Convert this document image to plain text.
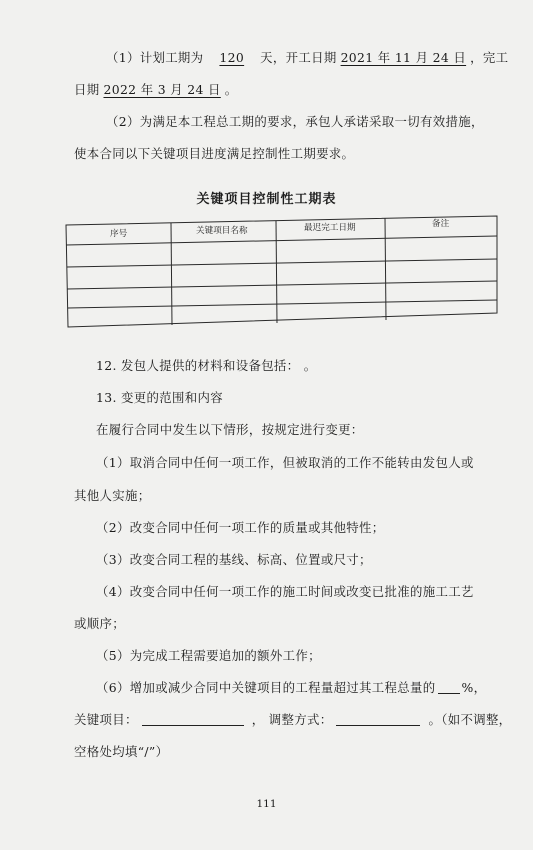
（1）计划工期为 120 天，开工日期 2021 年 11 月 24 日 ，完工
日期 2022 年 3 月 24 日 。
（2）为满足本工程总工期的要求，承包人承诺采取一切有效措施，
使本合同以下关键项目进度满足控制性工期要求。
关键项目控制性工期表
序号	关键项目名称	最迟完工日期	备注
12. 发包人提供的材料和设备包括： 。
13. 变更的范围和内容
在履行合同中发生以下情形，按规定进行变更：
（1）取消合同中任何一项工作，但被取消的工作不能转由发包人或
其他人实施；
（2）改变合同中任何一项工作的质量或其他特性；
（3）改变合同工程的基线、标高、位置或尺寸；
（4）改变合同中任何一项工作的施工时间或改变已批准的施工工艺
或顺序；
（5）为完成工程需要追加的额外工作；
（6）增加或减少合同中关键项目的工程量超过其工程总量的 %，
关键项目：	， 调整方式：	。（如不调整，
空格处均填“/”）
111
